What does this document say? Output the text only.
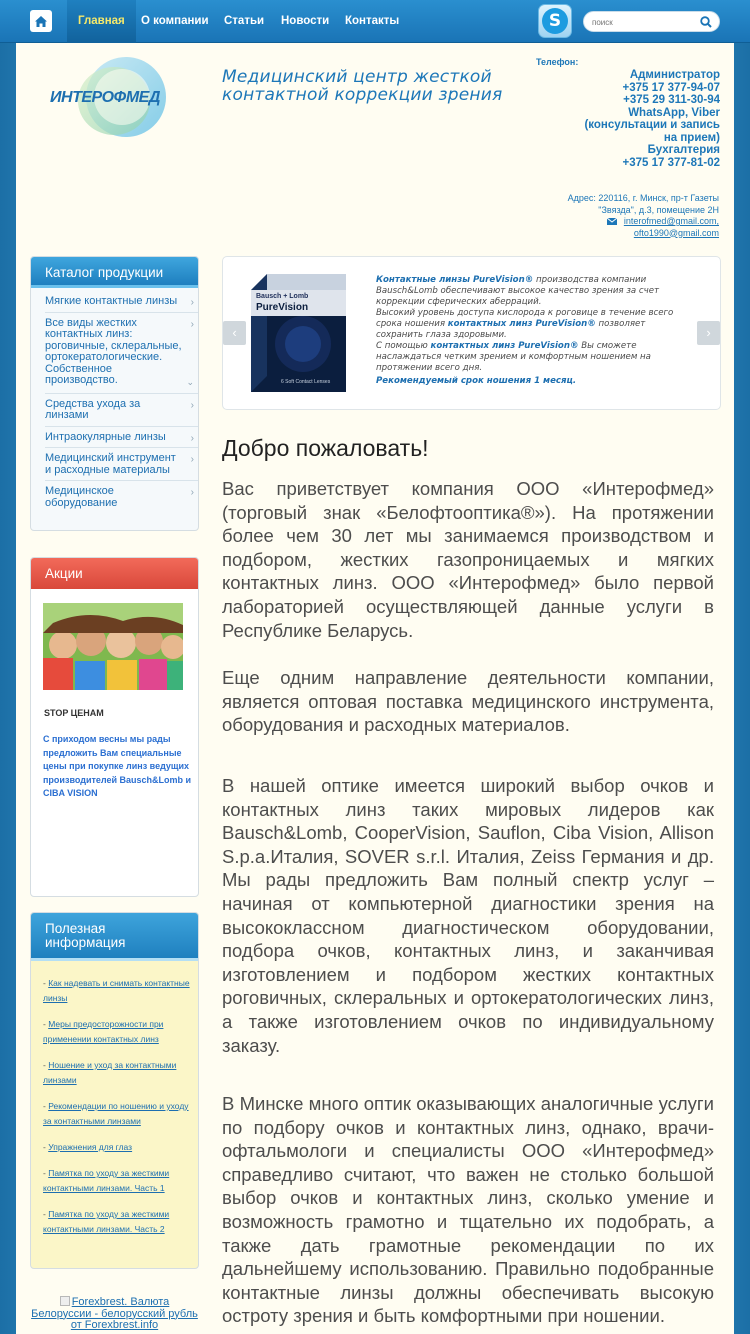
Главная	О компании	Статьи	Новости	Контакты	S
поиск
ИНТЕРОФМЕД
Медицинский центр жесткой
контактной коррекции зрения
Телефон:
Администратор
+375 17 377-94-07
+375 29 311-30-94
WhatsApp, Viber
(консультации и запись
на прием)
Бухгалтерия
+375 17 377-81-02
Адрес: 220116, г. Минск, пр-т Газеты
"Звязда", д.3, помещение 2Н
interofmed@gmail.com,
ofto1990@gmail.com
Каталог продукции
Мягкие контактные линзы ›
Все виды жестких контактных линз: роговичные, склеральные, ортокератологические. Собственное производство.
›
⌄
Средства ухода за линзами
›
Интраокулярные линзы ›
Медицинский инструмент и расходные материалы
›
Медицинское оборудование
›
Акции
STOP ЦЕНАМ
С приходом весны мы рады предложить Вам специальные цены при покупке линз ведущих производителей Bausch&Lomb и CIBA VISION
Полезная информация
- Как надевать и снимать контактные линзы
- Меры предосторожности при применении контактных линз
- Ношение и уход за контактными линзами
- Рекомендации по ношению и уходу за контактными линзами
- Упражнения для глаз
- Памятка по уходу за жесткими контактными линзами. Часть 1
- Памятка по уходу за жесткими контактными линзами. Часть 2
Forexbrest. Валюта Белоруссии - белорусский рубль от Forexbrest.info
Bausch + Lomb
PureVision
6 Soft Contact Lenses

Контактные линзы PureVision® производства компании Bausch&Lomb обеспечивают высокое качество зрения за счет коррекции сферических аберраций.

Высокий уровень доступа кислорода к роговице в течение всего срока ношения контактных линз PureVision® позволяет сохранить глаза здоровыми.

С помощью контактных линз PureVision® Вы сможете наслаждаться четким зрением и комфортным ношением на протяжении всего дня.

Рекомендуемый срок ношения 1 месяц.

‹	›
Добро пожаловать!

Вас приветствует компания ООО «Интерофмед» (торговый знак «Белофтооптика®»). На протяжении более чем 30 лет мы занимаемся производством и подбором, жестких газопроницаемых и мягких контактных линз. ООО «Интерофмед» было первой лабораторией осуществляющей данные услуги в Республике Беларусь.

Еще одним направление деятельности компании, является оптовая поставка медицинского инструмента, оборудования и расходных материалов.

В нашей оптике имеется широкий выбор очков и контактных линз таких мировых лидеров как Bausch&Lomb, CooperVision, Sauflon, Ciba Vision, Allison S.p.a.Италия, SOVER s.r.l. Италия, Zeiss Германия и др. Мы рады предложить Вам полный спектр услуг – начиная от компьютерной диагностики зрения на высококлассном диагностическом оборудовании, подбора очков, контактных линз, и заканчивая изготовлением и подбором жестких контактных роговичных, склеральных и ортокератологических линз, а также изготовлением очков по индивидуальному заказу.

В Минске много оптик оказывающих аналогичные услуги по подбору очков и контактных линз, однако, врачи-офтальмологи и специалисты ООО «Интерофмед» справедливо считают, что важен не столько большой выбор очков и контактных линз, сколько умение и возможность грамотно и тщательно их подобрать, а также дать грамотные рекомендации по их дальнейшему использованию. Правильно подобранные контактные линзы должны обеспечивать высокую остроту зрения и быть комфортными при ношении.
